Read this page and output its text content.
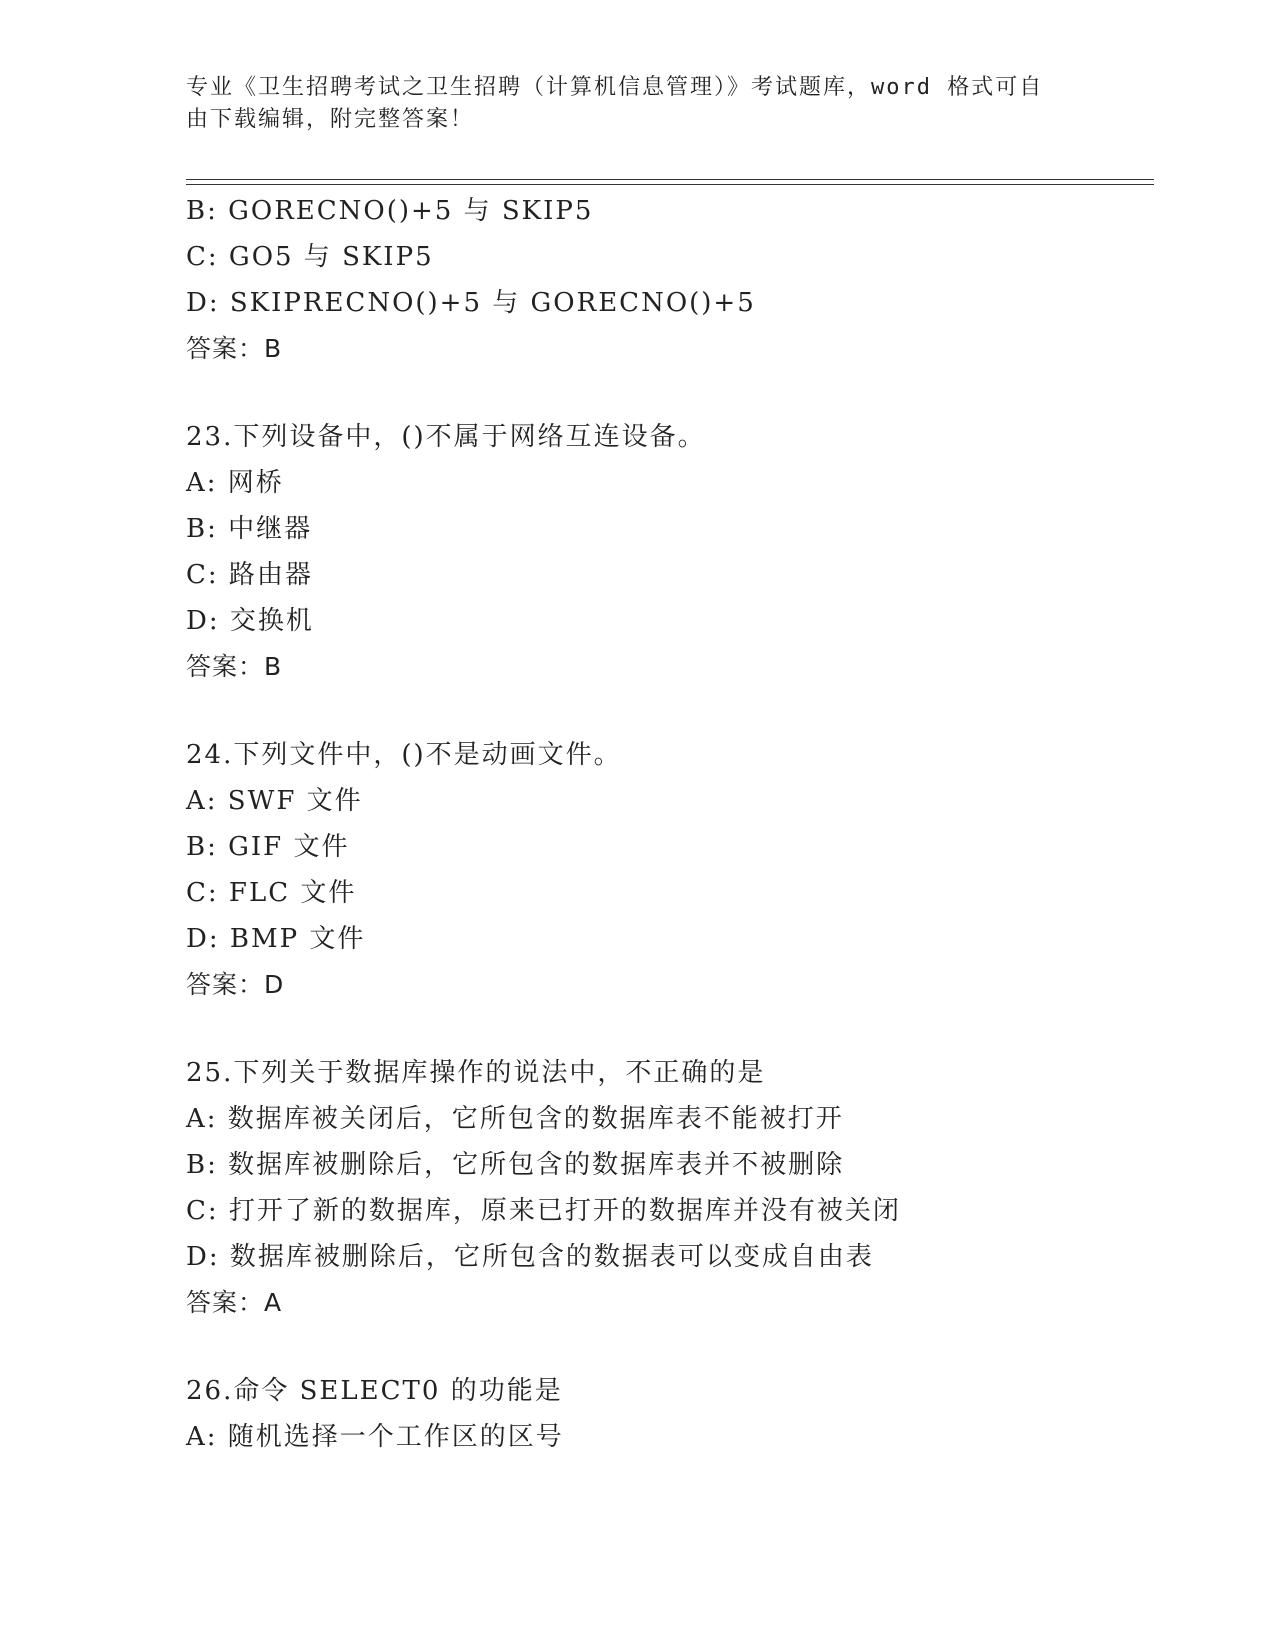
专业《卫生招聘考试之卫生招聘（计算机信息管理）》考试题库，word 格式可自
由下载编辑，附完整答案！
B: GORECNO()+5 与 SKIP5
C: GO5 与 SKIP5
D: SKIPRECNO()+5 与 GORECNO()+5
答案：B
23.下列设备中，()不属于网络互连设备。
A: 网桥
B: 中继器
C: 路由器
D: 交换机
答案：B
24.下列文件中，()不是动画文件。
A: SWF 文件
B: GIF 文件
C: FLC 文件
D: BMP 文件
答案：D
25.下列关于数据库操作的说法中，不正确的是
A: 数据库被关闭后，它所包含的数据库表不能被打开
B: 数据库被删除后，它所包含的数据库表并不被删除
C: 打开了新的数据库，原来已打开的数据库并没有被关闭
D: 数据库被删除后，它所包含的数据表可以变成自由表
答案：A
26.命令 SELECT0 的功能是
A: 随机选择一个工作区的区号
